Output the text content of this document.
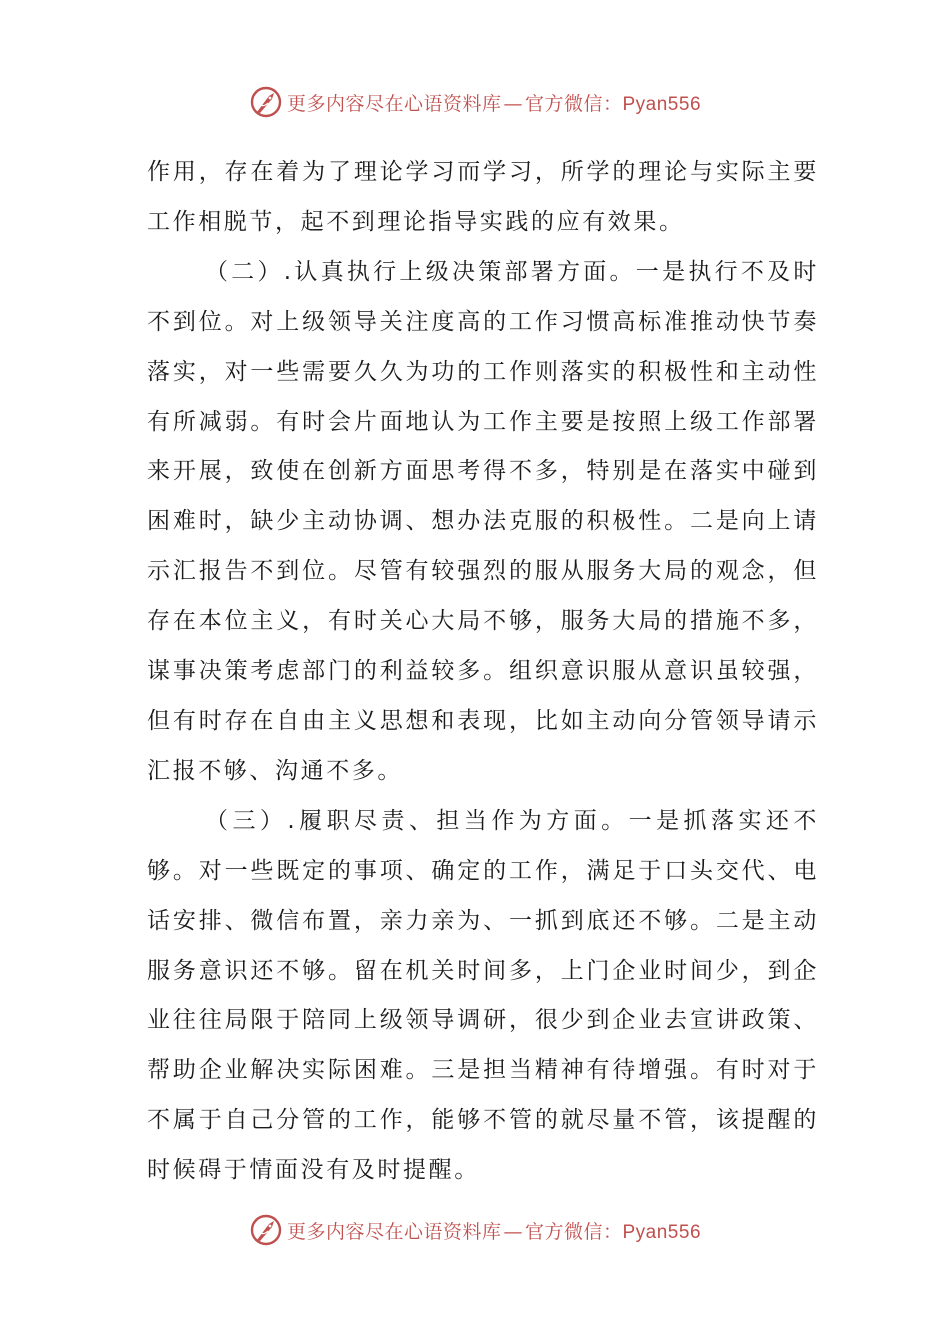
更多内容尽在心语资料库 — 官方微信：Pyan556

作用，存在着为了理论学习而学习，所学的理论与实际主要工作相脱节，起不到理论指导实践的应有效果。

（二）.认真执行上级决策部署方面。一是执行不及时不到位。对上级领导关注度高的工作习惯高标准推动快节奏落实，对一些需要久久为功的工作则落实的积极性和主动性有所减弱。有时会片面地认为工作主要是按照上级工作部署来开展，致使在创新方面思考得不多，特别是在落实中碰到困难时，缺少主动协调、想办法克服的积极性。二是向上请示汇报告不到位。尽管有较强烈的服从服务大局的观念，但存在本位主义，有时关心大局不够，服务大局的措施不多，谋事决策考虑部门的利益较多。组织意识服从意识虽较强，但有时存在自由主义思想和表现，比如主动向分管领导请示汇报不够、沟通不多。

（三）.履职尽责、担当作为方面。一是抓落实还不够。对一些既定的事项、确定的工作，满足于口头交代、电话安排、微信布置，亲力亲为、一抓到底还不够。二是主动服务意识还不够。留在机关时间多，上门企业时间少，到企业往往局限于陪同上级领导调研，很少到企业去宣讲政策、帮助企业解决实际困难。三是担当精神有待增强。有时对于不属于自己分管的工作，能够不管的就尽量不管，该提醒的时候碍于情面没有及时提醒。

更多内容尽在心语资料库 — 官方微信：Pyan556
